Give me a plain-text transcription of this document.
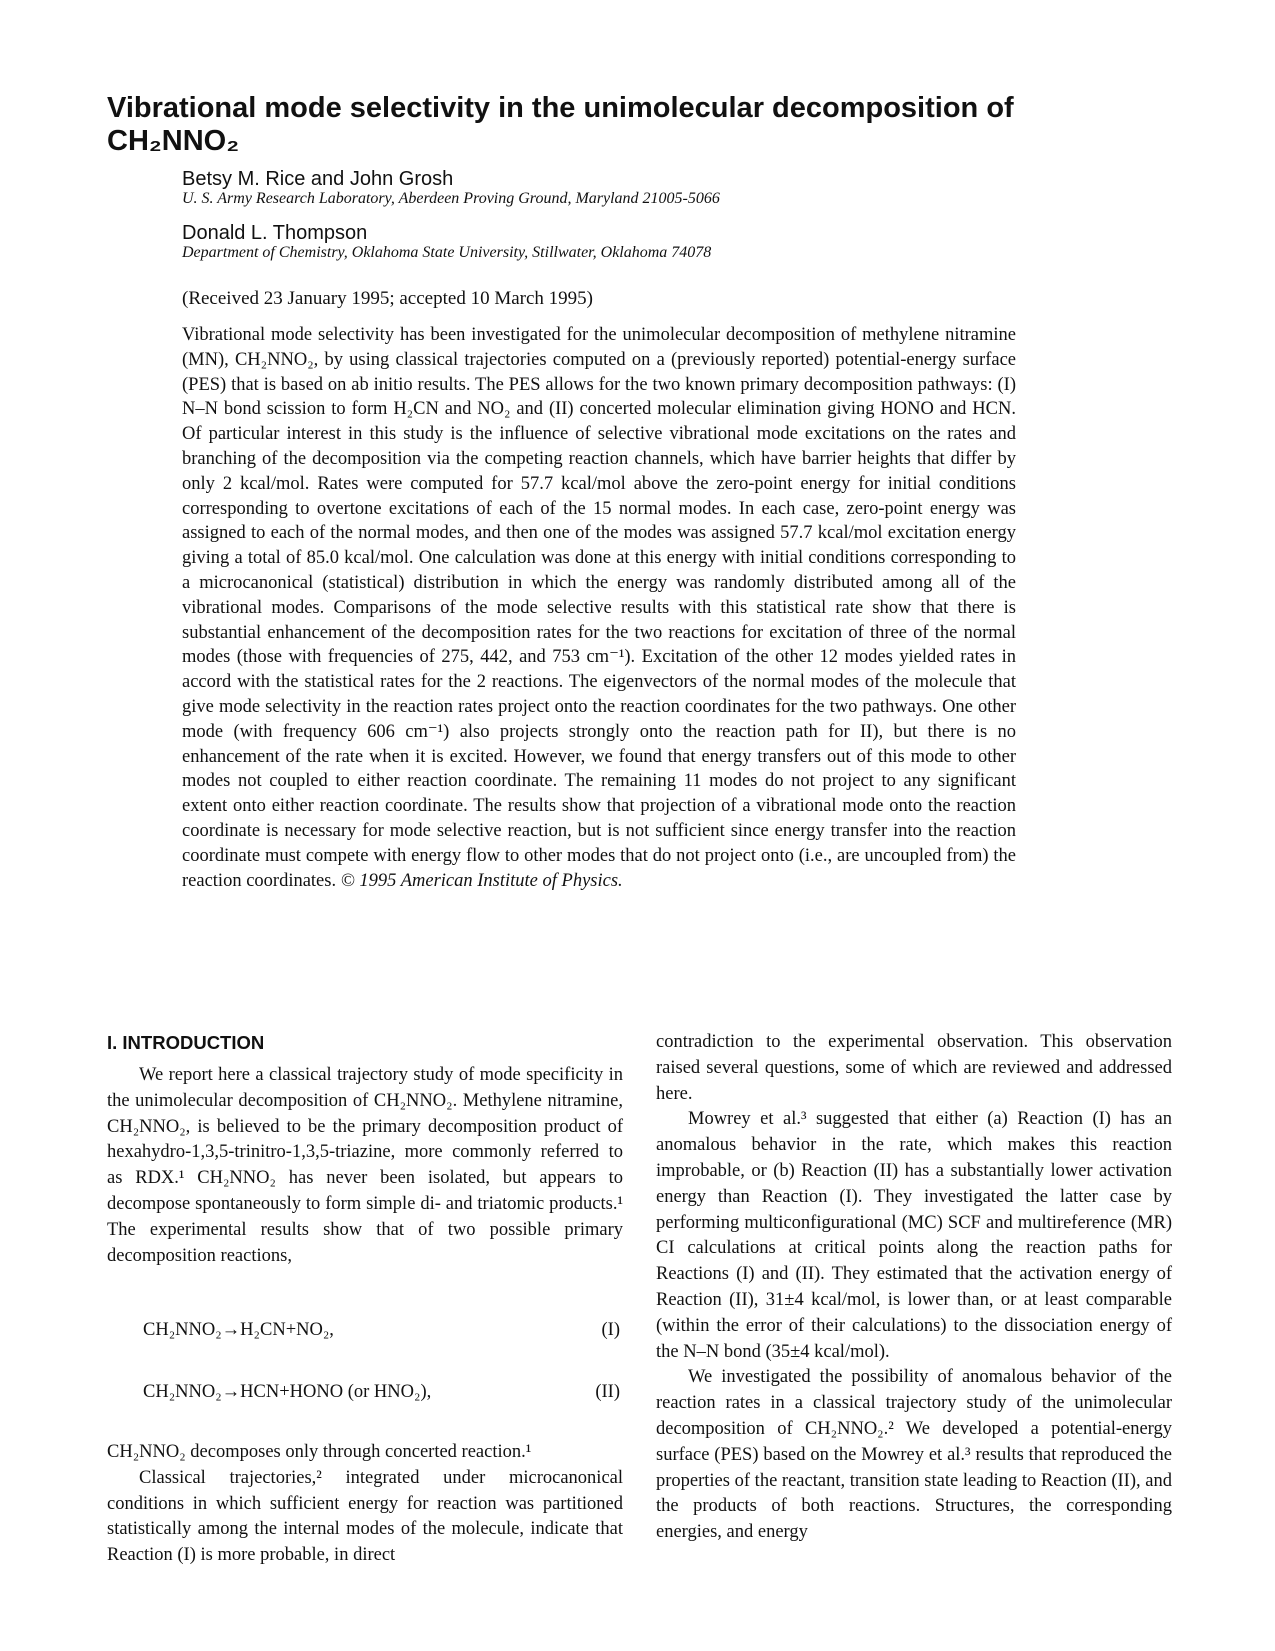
Vibrational mode selectivity in the unimolecular decomposition of CH₂NNO₂
Betsy M. Rice and John Grosh
U. S. Army Research Laboratory, Aberdeen Proving Ground, Maryland 21005-5066
Donald L. Thompson
Department of Chemistry, Oklahoma State University, Stillwater, Oklahoma 74078
(Received 23 January 1995; accepted 10 March 1995)

Vibrational mode selectivity has been investigated for the unimolecular decomposition of methylene nitramine (MN), CH₂NNO₂, by using classical trajectories computed on a (previously reported) potential-energy surface (PES) that is based on ab initio results. The PES allows for the two known primary decomposition pathways: (I) N–N bond scission to form H₂CN and NO₂ and (II) concerted molecular elimination giving HONO and HCN. Of particular interest in this study is the influence of selective vibrational mode excitations on the rates and branching of the decomposition via the competing reaction channels, which have barrier heights that differ by only 2 kcal/mol. Rates were computed for 57.7 kcal/mol above the zero-point energy for initial conditions corresponding to overtone excitations of each of the 15 normal modes. In each case, zero-point energy was assigned to each of the normal modes, and then one of the modes was assigned 57.7 kcal/mol excitation energy giving a total of 85.0 kcal/mol. One calculation was done at this energy with initial conditions corresponding to a microcanonical (statistical) distribution in which the energy was randomly distributed among all of the vibrational modes. Comparisons of the mode selective results with this statistical rate show that there is substantial enhancement of the decomposition rates for the two reactions for excitation of three of the normal modes (those with frequencies of 275, 442, and 753 cm⁻¹). Excitation of the other 12 modes yielded rates in accord with the statistical rates for the 2 reactions. The eigenvectors of the normal modes of the molecule that give mode selectivity in the reaction rates project onto the reaction coordinates for the two pathways. One other mode (with frequency 606 cm⁻¹) also projects strongly onto the reaction path for II), but there is no enhancement of the rate when it is excited. However, we found that energy transfers out of this mode to other modes not coupled to either reaction coordinate. The remaining 11 modes do not project to any significant extent onto either reaction coordinate. The results show that projection of a vibrational mode onto the reaction coordinate is necessary for mode selective reaction, but is not sufficient since energy transfer into the reaction coordinate must compete with energy flow to other modes that do not project onto (i.e., are uncoupled from) the reaction coordinates. © 1995 American Institute of Physics.

I. INTRODUCTION

We report here a classical trajectory study of mode specificity in the unimolecular decomposition of CH₂NNO₂. Methylene nitramine, CH₂NNO₂, is believed to be the primary decomposition product of hexahydro-1,3,5-trinitro-1,3,5-triazine, more commonly referred to as RDX.¹ CH₂NNO₂ has never been isolated, but appears to decompose spontaneously to form simple di- and triatomic products.¹ The experimental results show that of two possible primary decomposition reactions,

CH₂NNO₂→H₂CN+NO₂,	(I)
CH₂NNO₂→HCN+HONO (or HNO₂),	(II)

CH₂NNO₂ decomposes only through concerted reaction.¹

Classical trajectories,² integrated under microcanonical conditions in which sufficient energy for reaction was partitioned statistically among the internal modes of the molecule, indicate that Reaction (I) is more probable, in direct

contradiction to the experimental observation. This observation raised several questions, some of which are reviewed and addressed here.

Mowrey et al.³ suggested that either (a) Reaction (I) has an anomalous behavior in the rate, which makes this reaction improbable, or (b) Reaction (II) has a substantially lower activation energy than Reaction (I). They investigated the latter case by performing multiconfigurational (MC) SCF and multireference (MR) CI calculations at critical points along the reaction paths for Reactions (I) and (II). They estimated that the activation energy of Reaction (II), 31±4 kcal/mol, is lower than, or at least comparable (within the error of their calculations) to the dissociation energy of the N–N bond (35±4 kcal/mol).

We investigated the possibility of anomalous behavior of the reaction rates in a classical trajectory study of the unimolecular decomposition of CH₂NNO₂.² We developed a potential-energy surface (PES) based on the Mowrey et al.³ results that reproduced the properties of the reactant, transition state leading to Reaction (II), and the products of both reactions. Structures, the corresponding energies, and energy
